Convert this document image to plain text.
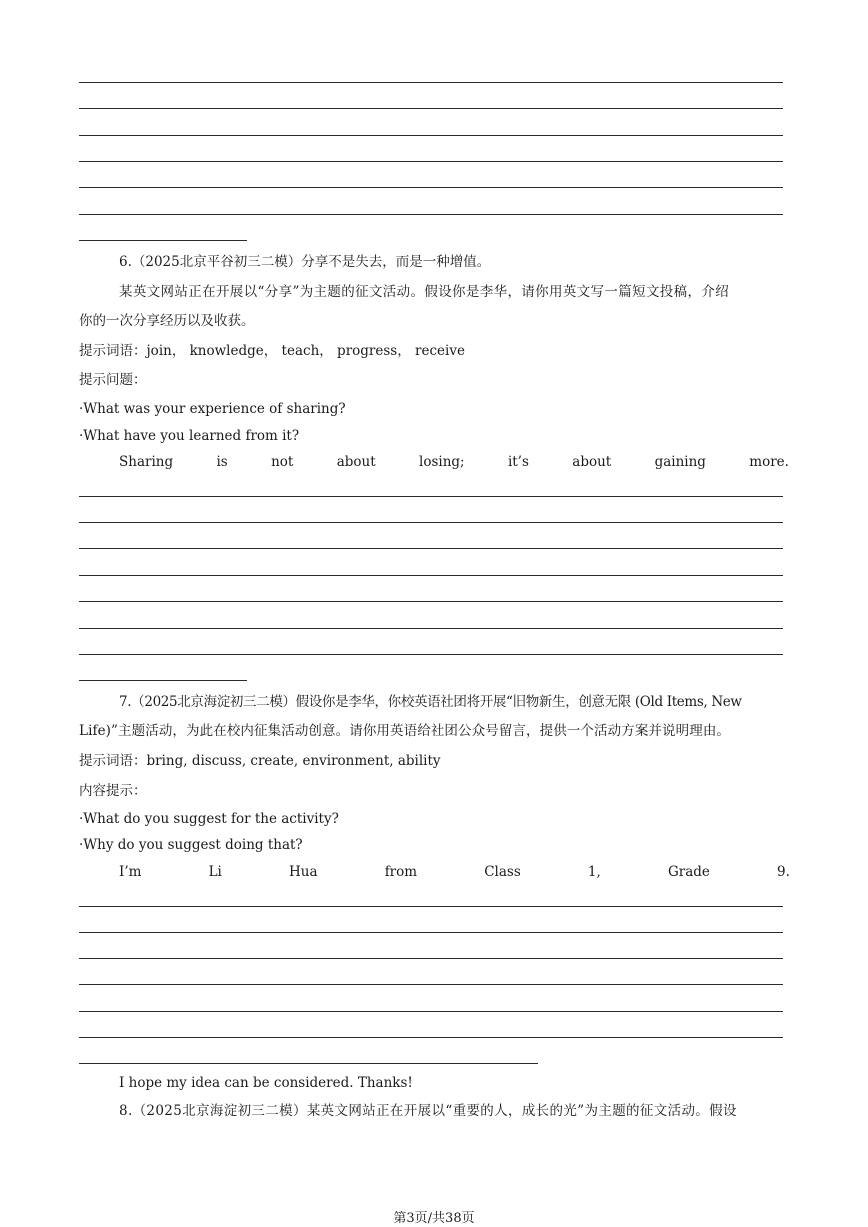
6.（2025北京平谷初三二模）分享不是失去，而是一种增值。
某英文网站正在开展以“分享”为主题的征文活动。假设你是李华，请你用英文写一篇短文投稿，介绍
你的一次分享经历以及收获。
提示词语：join， knowledge， teach， progress， receive
提示问题：
·What was your experience of sharing?
·What have you learned from it?
Sharing	is	not	about	losing;	it’s	about	gaining	more.
7.（2025北京海淀初三二模）假设你是李华，你校英语社团将开展“旧物新生，创意无限 (Old Items, New
Life)”主题活动，为此在校内征集活动创意。请你用英语给社团公众号留言，提供一个活动方案并说明理由。
提示词语：bring, discuss, create, environment, ability
内容提示：
·What do you suggest for the activity?
·Why do you suggest doing that?
I’m	Li	Hua	from	Class	1,	Grade	9.
I hope my idea can be considered. Thanks!
8.（2025北京海淀初三二模）某英文网站正在开展以“重要的人，成长的光”为主题的征文活动。假设
第3页/共38页
